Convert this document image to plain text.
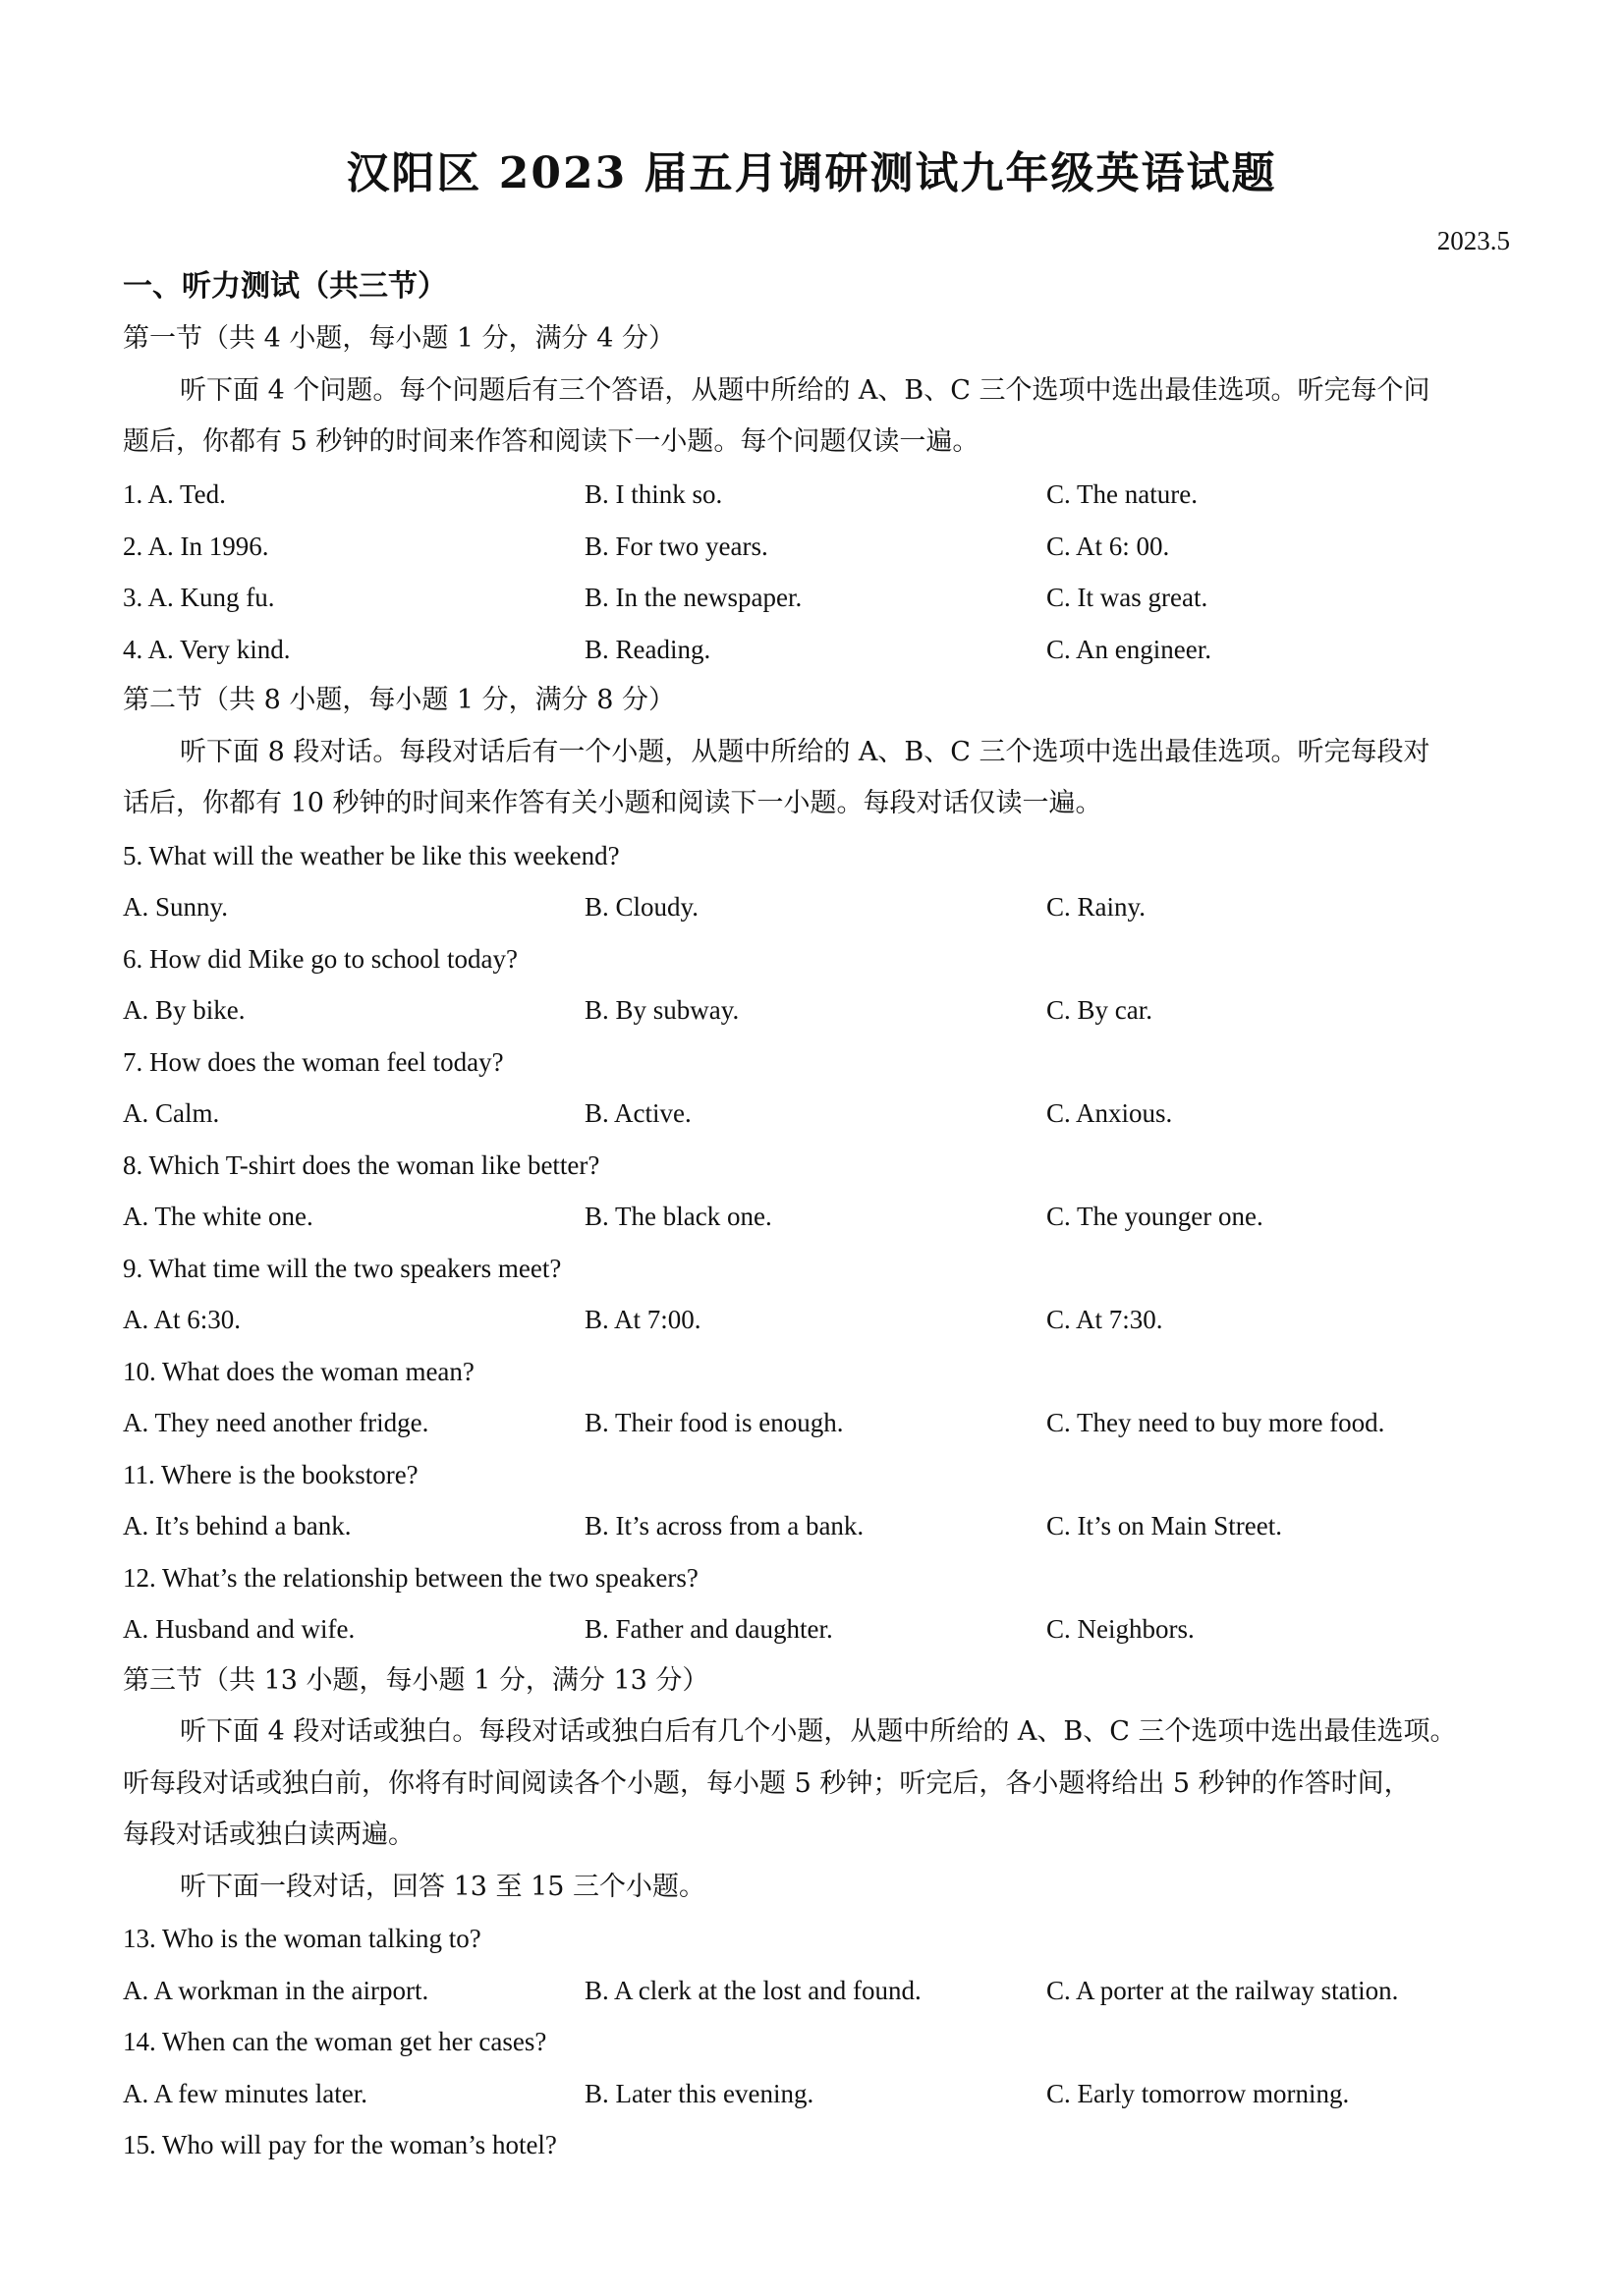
汉阳区 2023 届五月调研测试九年级英语试题
2023.5
一、听力测试（共三节）
第一节（共 4 小题，每小题 1 分，满分 4 分）
听下面 4 个问题。每个问题后有三个答语，从题中所给的 A、B、C 三个选项中选出最佳选项。听完每个问
题后，你都有 5 秒钟的时间来作答和阅读下一小题。每个问题仅读一遍。
1. A. Ted.	B. I think so.	C. The nature.
2. A. In 1996.	B. For two years.	C. At 6: 00.
3. A. Kung fu.	B. In the newspaper.	C. It was great.
4. A. Very kind.	B. Reading.	C. An engineer.
第二节（共 8 小题，每小题 1 分，满分 8 分）
听下面 8 段对话。每段对话后有一个小题，从题中所给的 A、B、C 三个选项中选出最佳选项。听完每段对
话后，你都有 10 秒钟的时间来作答有关小题和阅读下一小题。每段对话仅读一遍。
5. What will the weather be like this weekend?
A. Sunny.	B. Cloudy.	C. Rainy.
6. How did Mike go to school today?
A. By bike.	B. By subway.	C. By car.
7. How does the woman feel today?
A. Calm.	B. Active.	C. Anxious.
8. Which T-shirt does the woman like better?
A. The white one.	B. The black one.	C. The younger one.
9. What time will the two speakers meet?
A. At 6:30.	B. At 7:00.	C. At 7:30.
10. What does the woman mean?
A. They need another fridge.	B. Their food is enough.	C. They need to buy more food.
11. Where is the bookstore?
A. It’s behind a bank.	B. It’s across from a bank.	C. It’s on Main Street.
12. What’s the relationship between the two speakers?
A. Husband and wife.	B. Father and daughter.	C. Neighbors.
第三节（共 13 小题，每小题 1 分，满分 13 分）
听下面 4 段对话或独白。每段对话或独白后有几个小题，从题中所给的 A、B、C 三个选项中选出最佳选项。
听每段对话或独白前，你将有时间阅读各个小题，每小题 5 秒钟；听完后，各小题将给出 5 秒钟的作答时间，
每段对话或独白读两遍。
听下面一段对话，回答 13 至 15 三个小题。
13. Who is the woman talking to?
A. A workman in the airport.	B. A clerk at the lost and found.	C. A porter at the railway station.
14. When can the woman get her cases?
A. A few minutes later.	B. Later this evening.	C. Early tomorrow morning.
15. Who will pay for the woman’s hotel?
